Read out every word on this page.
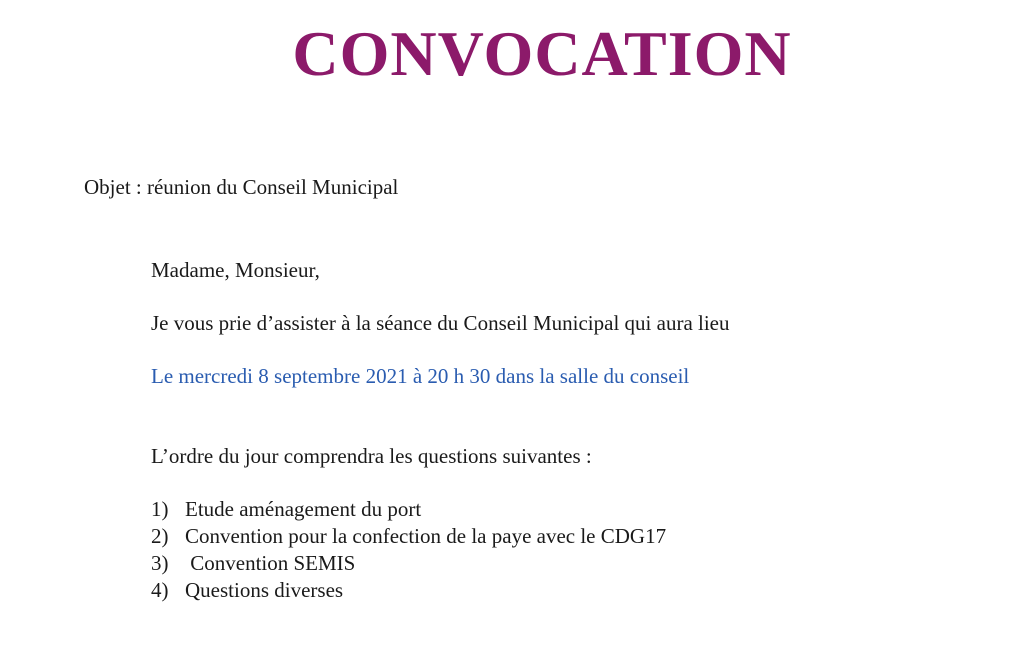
CONVOCATION

Objet : réunion du Conseil Municipal

Madame, Monsieur,

Je vous prie d’assister à la séance du Conseil Municipal qui aura lieu

Le mercredi 8 septembre 2021 à 20 h 30 dans la salle du conseil

L’ordre du jour comprendra les questions suivantes :

1) Etude aménagement du port
2) Convention pour la confection de la paye avec le CDG17
3) Convention SEMIS
4) Questions diverses
